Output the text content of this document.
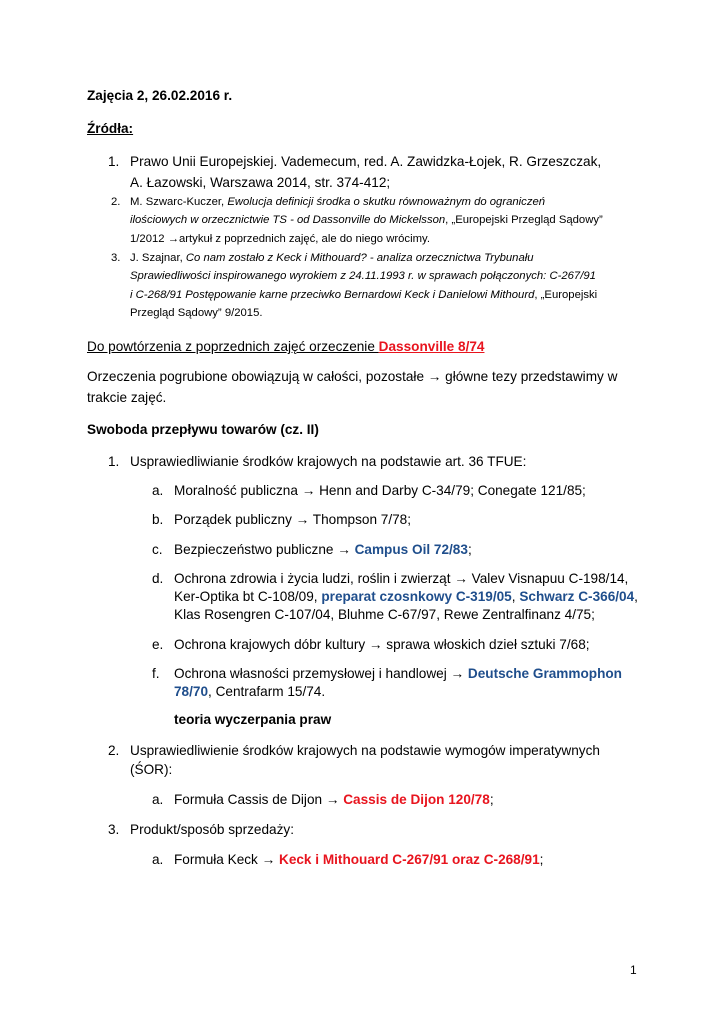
Zajęcia 2, 26.02.2016 r.
Źródła:
1. Prawo Unii Europejskiej. Vademecum, red. A. Zawidzka-Łojek, R. Grzeszczak,
A. Łazowski, Warszawa 2014, str. 374-412;
2. M. Szwarc-Kuczer, Ewolucja definicji środka o skutku równoważnym do ograniczeń
ilościowych w orzecznictwie TS - od Dassonville do Mickelsson, „Europejski Przegląd Sądowy”
1/2012 →artykuł z poprzednich zajęć, ale do niego wrócimy.
3. J. Szajnar, Co nam zostało z Keck i Mithouard? - analiza orzecznictwa Trybunału
Sprawiedliwości inspirowanego wyrokiem z 24.11.1993 r. w sprawach połączonych: C-267/91
i C-268/91 Postępowanie karne przeciwko Bernardowi Keck i Danielowi Mithourd, „Europejski
Przegląd Sądowy” 9/2015.
Do powtórzenia z poprzednich zajęć orzeczenie Dassonville 8/74
Orzeczenia pogrubione obowiązują w całości, pozostałe → główne tezy przedstawimy w
trakcie zajęć.
Swoboda przepływu towarów (cz. II)
1. Usprawiedliwianie środków krajowych na podstawie art. 36 TFUE:
a. Moralność publiczna → Henn and Darby C-34/79; Conegate 121/85;
b. Porządek publiczny → Thompson 7/78;
c. Bezpieczeństwo publiczne → Campus Oil 72/83;
d. Ochrona zdrowia i życia ludzi, roślin i zwierząt → Valev Visnapuu C-198/14,
Ker-Optika bt C-108/09, preparat czosnkowy C-319/05, Schwarz C-366/04,
Klas Rosengren C-107/04, Bluhme C-67/97, Rewe Zentralfinanz 4/75;
e. Ochrona krajowych dóbr kultury → sprawa włoskich dzieł sztuki 7/68;
f. Ochrona własności przemysłowej i handlowej → Deutsche Grammophon
78/70, Centrafarm 15/74.
teoria wyczerpania praw
2. Usprawiedliwienie środków krajowych na podstawie wymogów imperatywnych
(ŚOR):
a. Formuła Cassis de Dijon → Cassis de Dijon 120/78;
3. Produkt/sposób sprzedaży:
a. Formuła Keck → Keck i Mithouard C-267/91 oraz C-268/91;
1
